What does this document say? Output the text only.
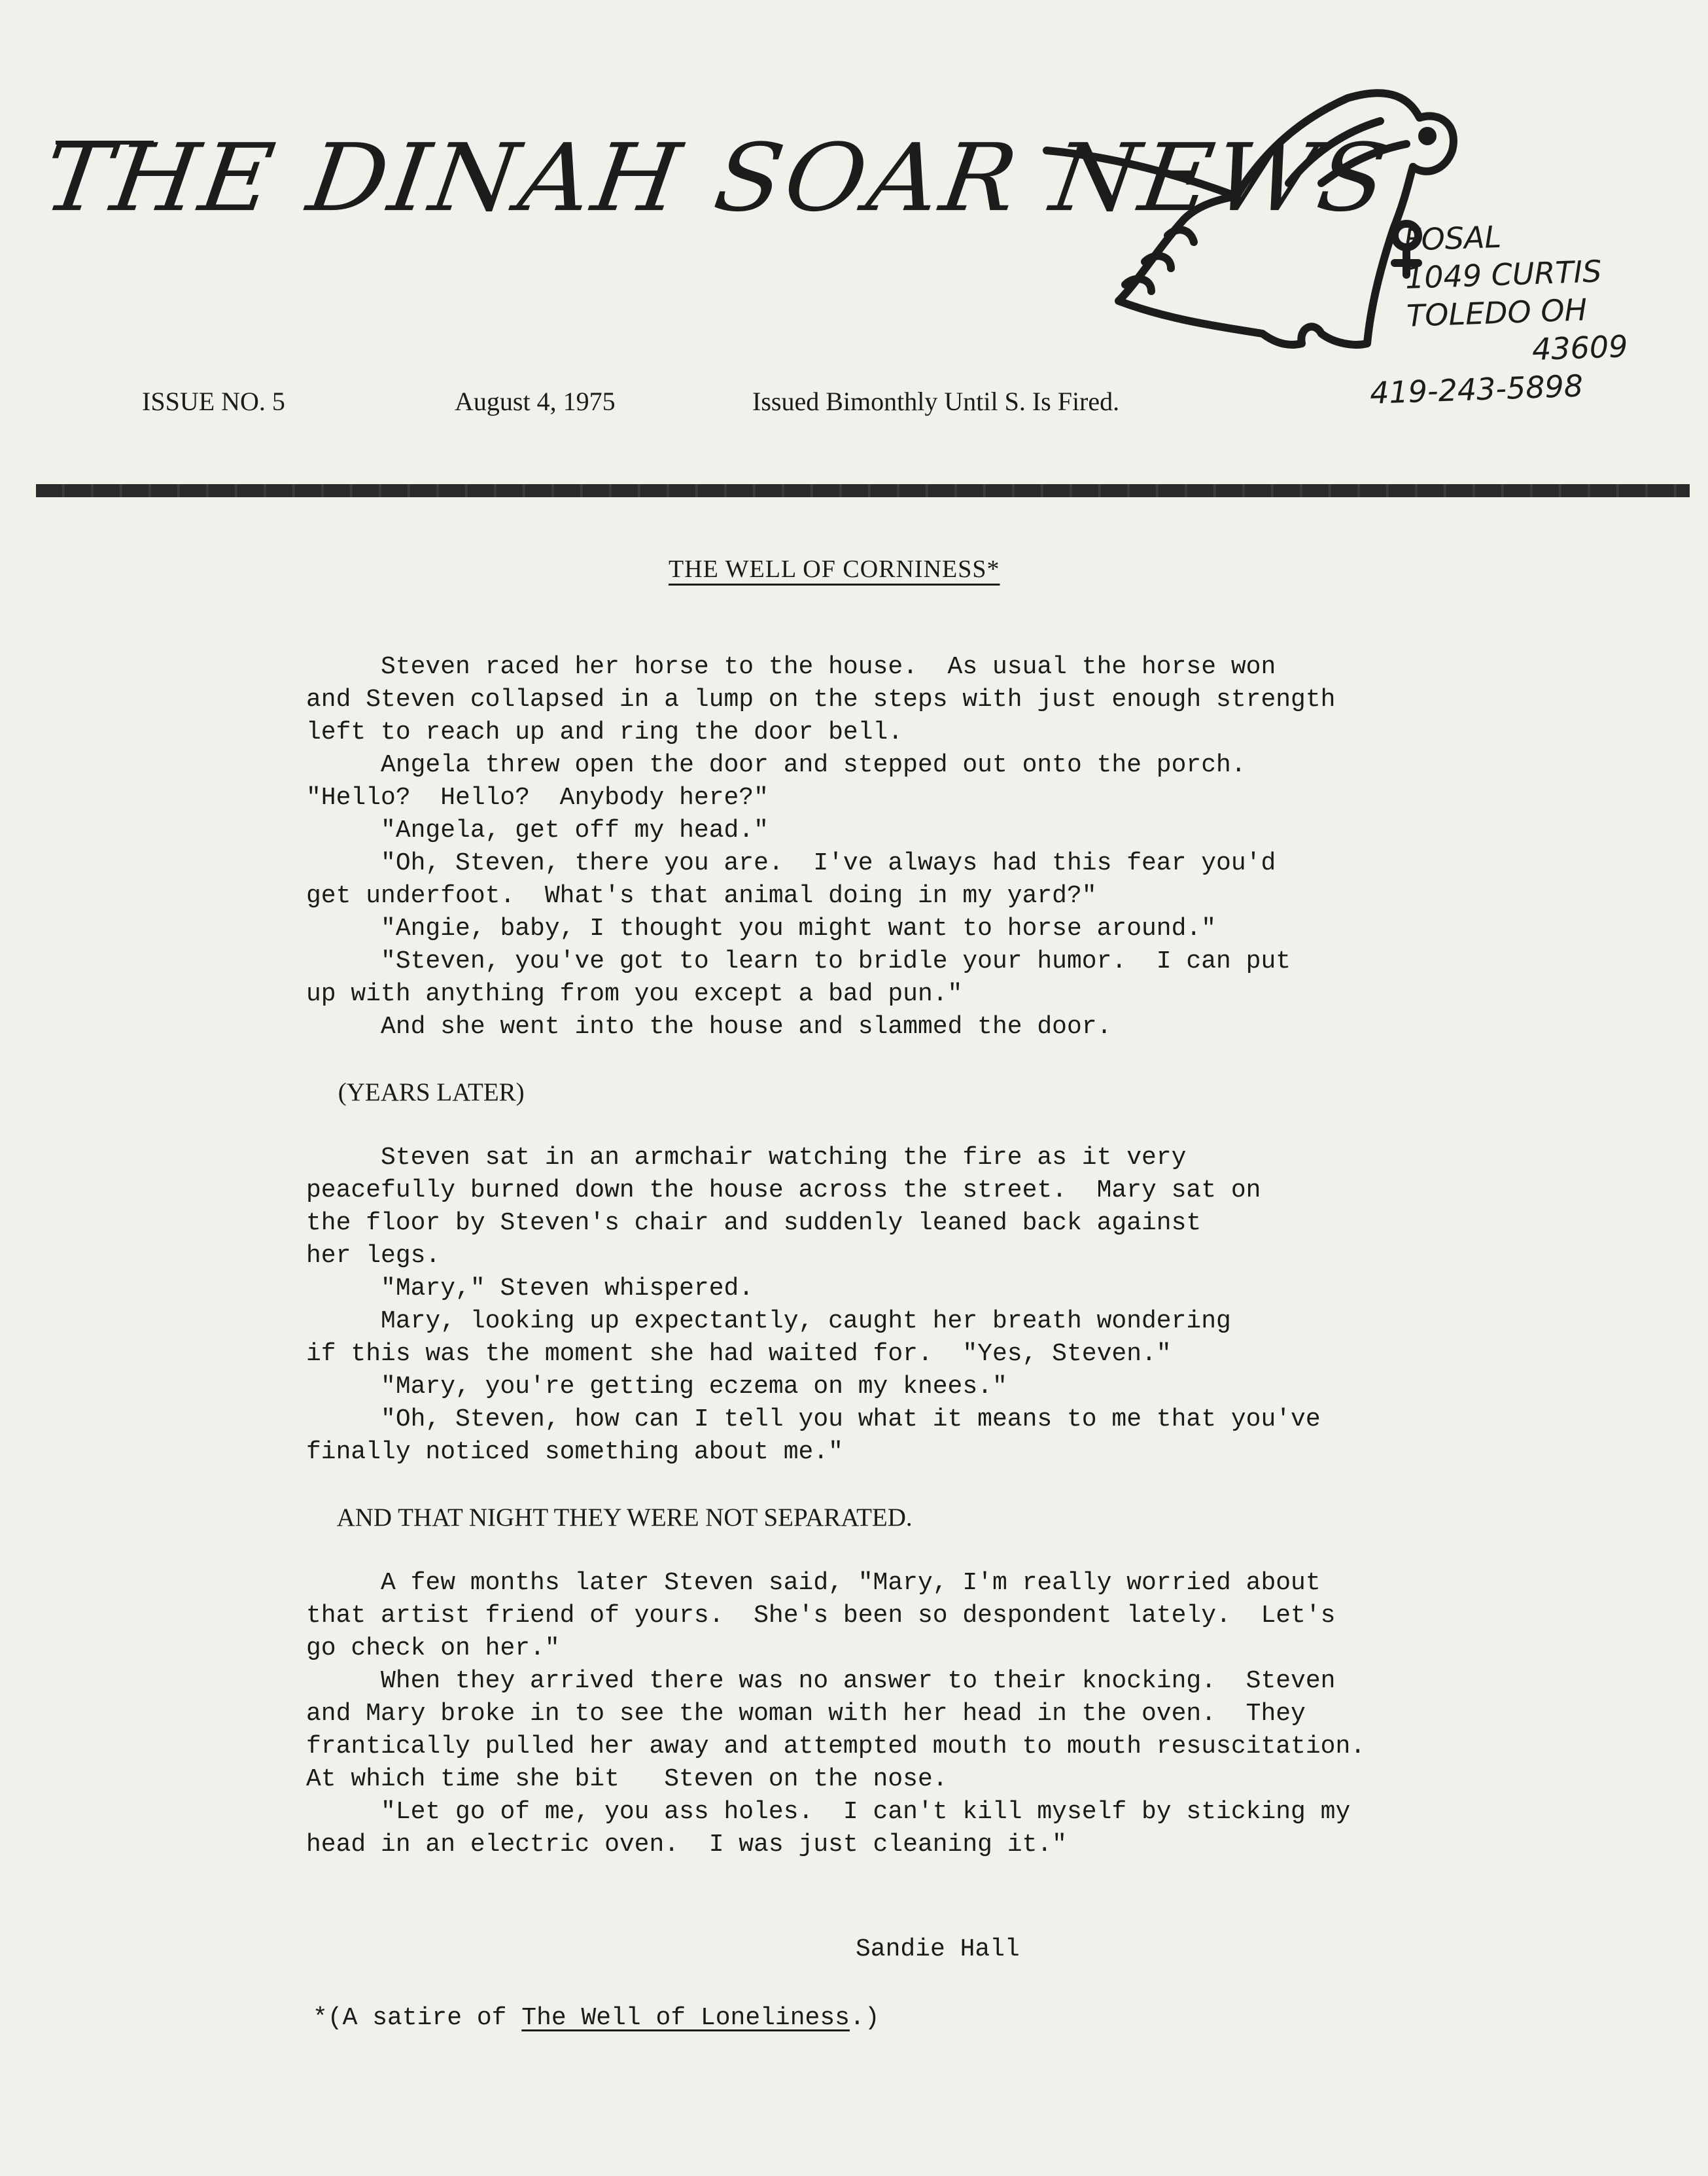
THE DINAH SOAR NEWS
FOSAL
1049 CURTIS
TOLEDO OH
43609
419-243-5898
ISSUE NO. 5	August 4, 1975	Issued Bimonthly Until S. Is Fired.
THE WELL OF CORNINESS*

Steven raced her horse to the house.  As usual the horse won

and Steven collapsed in a lump on the steps with just enough strength

left to reach up and ring the door bell.

Angela threw open the door and stepped out onto the porch.

"Hello?  Hello?  Anybody here?"

"Angela, get off my head."

"Oh, Steven, there you are.  I've always had this fear you'd

get underfoot.  What's that animal doing in my yard?"

"Angie, baby, I thought you might want to horse around."

"Steven, you've got to learn to bridle your humor.  I can put

up with anything from you except a bad pun."

And she went into the house and slammed the door.

(YEARS LATER)

Steven sat in an armchair watching the fire as it very

peacefully burned down the house across the street.  Mary sat on

the floor by Steven's chair and suddenly leaned back against

her legs.

"Mary," Steven whispered.

Mary, looking up expectantly, caught her breath wondering

if this was the moment she had waited for.  "Yes, Steven."

"Mary, you're getting eczema on my knees."

"Oh, Steven, how can I tell you what it means to me that you've

finally noticed something about me."

AND THAT NIGHT THEY WERE NOT SEPARATED.

A few months later Steven said, "Mary, I'm really worried about

that artist friend of yours.  She's been so despondent lately.  Let's

go check on her."

When they arrived there was no answer to their knocking.  Steven

and Mary broke in to see the woman with her head in the oven.  They

frantically pulled her away and attempted mouth to mouth resuscitation.

At which time she bit   Steven on the nose.

"Let go of me, you ass holes.  I can't kill myself by sticking my

head in an electric oven.  I was just cleaning it."

Sandie Hall
*(A satire of The Well of Loneliness.)
